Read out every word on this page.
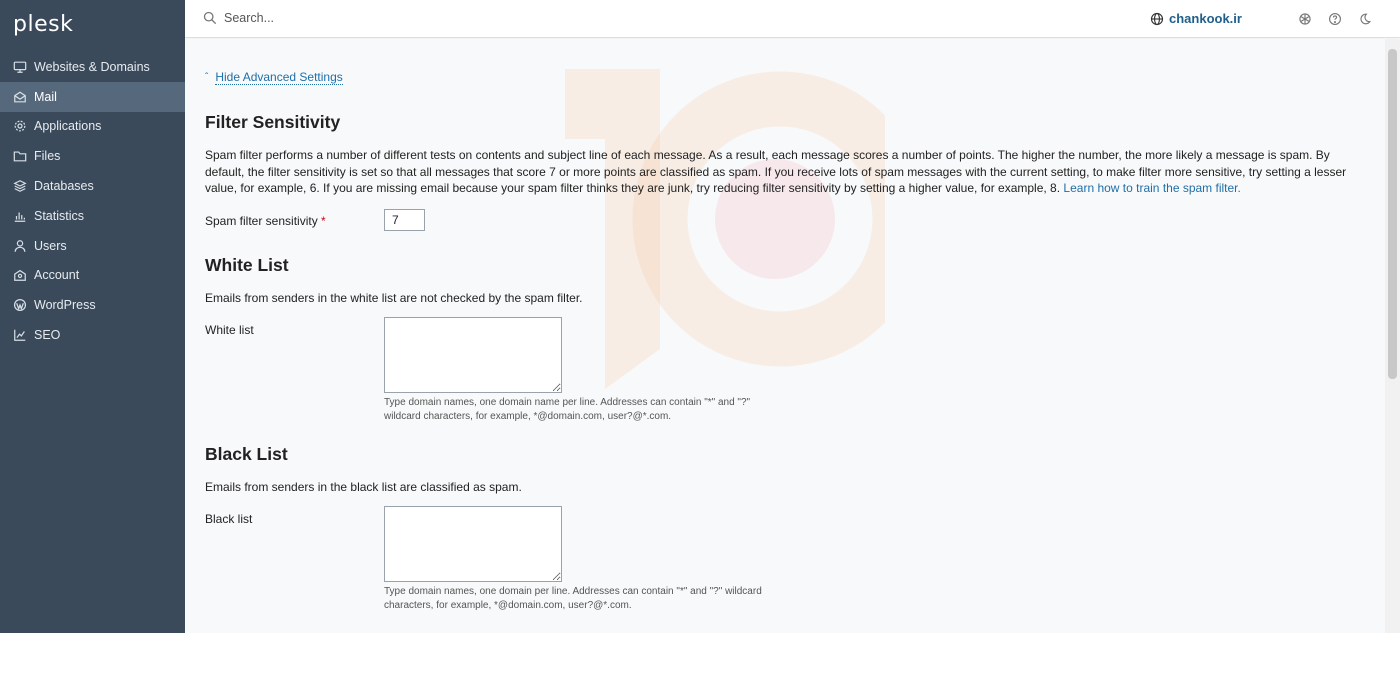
plesk
Websites & Domains
Mail
Applications
Files
Databases
Statistics
Users
Account
WordPress
SEO
Search...
chankook.ir
ˆ Hide Advanced Settings
Filter Sensitivity
Spam filter performs a number of different tests on contents and subject line of each message. As a result, each message scores a number of points. The higher the number, the more likely a message is spam. By default, the filter sensitivity is set so that all messages that score 7 or more points are classified as spam. If you receive lots of spam messages with the current setting, to make filter more sensitive, try setting a lesser value, for example, 6. If you are missing email because your spam filter thinks they are junk, try reducing filter sensitivity by setting a higher value, for example, 8. Learn how to train the spam filter.
Spam filter sensitivity *
7
White List
Emails from senders in the white list are not checked by the spam filter.
White list
Type domain names, one domain name per line. Addresses can contain "*" and "?"
wildcard characters, for example, *@domain.com, user?@*.com.
Black List
Emails from senders in the black list are classified as spam.
Black list
Type domain names, one domain per line. Addresses can contain "*" and "?" wildcard
characters, for example, *@domain.com, user?@*.com.
